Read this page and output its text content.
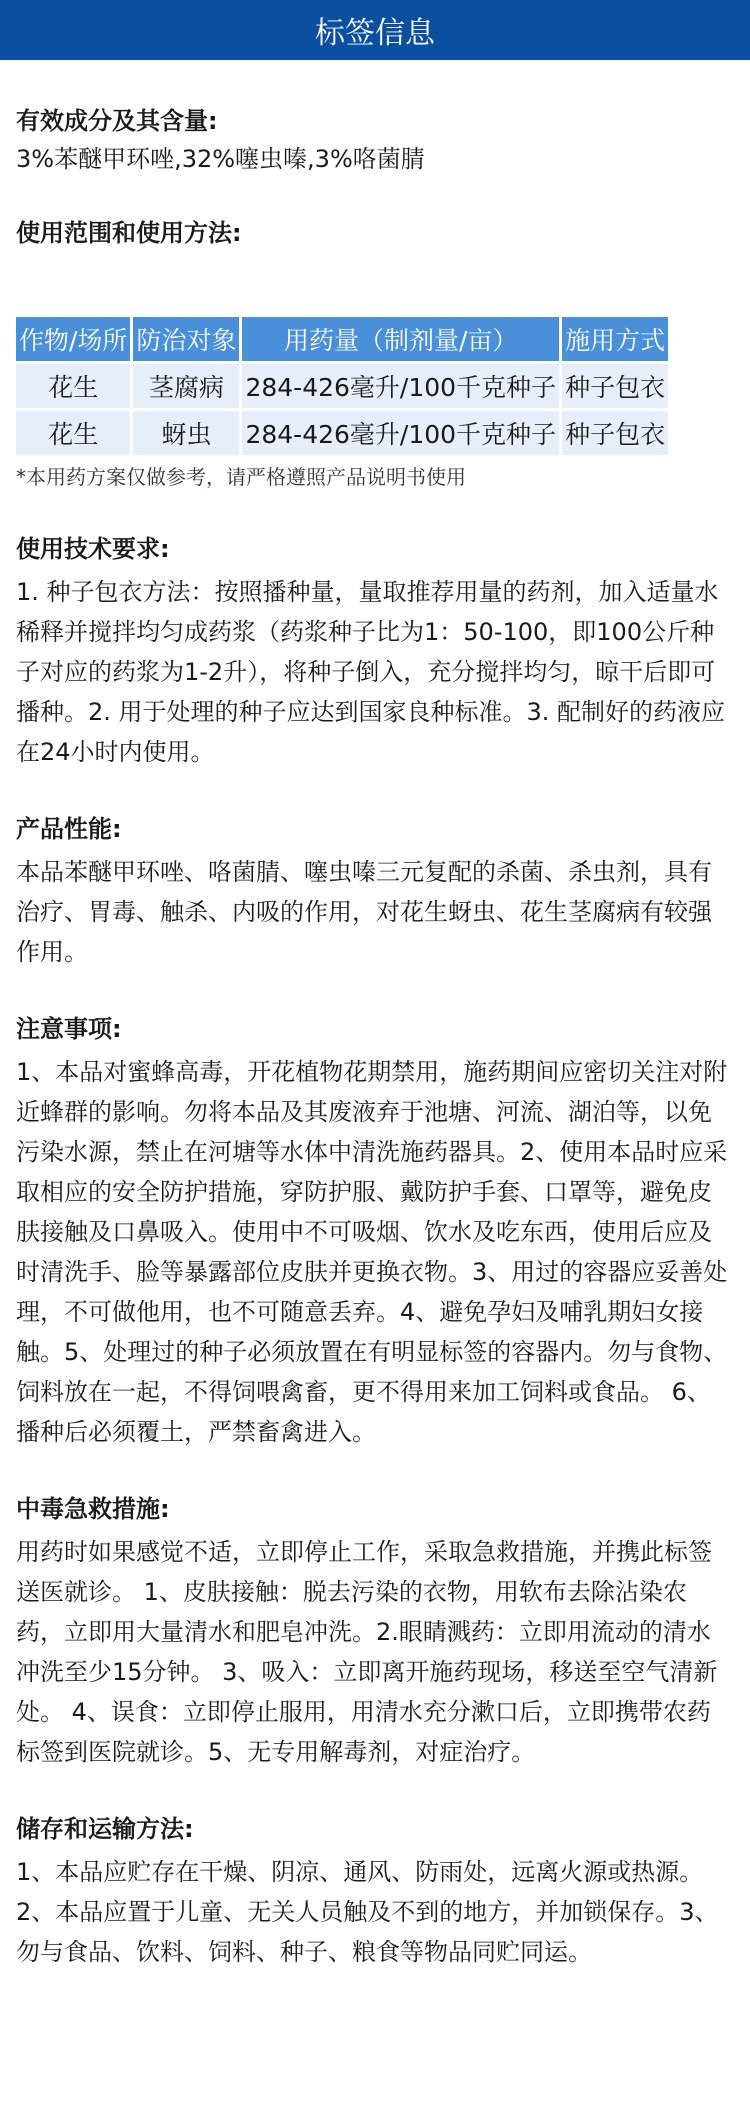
标签信息
有效成分及其含量:
3%苯醚甲环唑,32%噻虫嗪,3%咯菌腈
使用范围和使用方法:
作物/场所	防治对象	用药量（制剂量/亩）	施用方式
花生	茎腐病	284-426毫升/100千克种子	种子包衣
花生	蚜虫	284-426毫升/100千克种子	种子包衣
*本用药方案仅做参考，请严格遵照产品说明书使用
使用技术要求:
1. 种子包衣方法：按照播种量，量取推荐用量的药剂，加入适量水稀释并搅拌均匀成药浆（药浆种子比为1：50-100，即100公斤种子对应的药浆为1-2升），将种子倒入，充分搅拌均匀，晾干后即可播种。2. 用于处理的种子应达到国家良种标准。3. 配制好的药液应在24小时内使用。
产品性能:
本品苯醚甲环唑、咯菌腈、噻虫嗪三元复配的杀菌、杀虫剂，具有治疗、胃毒、触杀、内吸的作用，对花生蚜虫、花生茎腐病有较强作用。
注意事项:
1、本品对蜜蜂高毒，开花植物花期禁用，施药期间应密切关注对附近蜂群的影响。勿将本品及其废液弃于池塘、河流、湖泊等，以免污染水源，禁止在河塘等水体中清洗施药器具。2、使用本品时应采取相应的安全防护措施，穿防护服、戴防护手套、口罩等，避免皮肤接触及口鼻吸入。使用中不可吸烟、饮水及吃东西，使用后应及时清洗手、脸等暴露部位皮肤并更换衣物。3、用过的容器应妥善处理，不可做他用，也不可随意丢弃。4、避免孕妇及哺乳期妇女接触。5、处理过的种子必须放置在有明显标签的容器内。勿与食物、饲料放在一起，不得饲喂禽畜，更不得用来加工饲料或食品。 6、播种后必须覆土，严禁畜禽进入。
中毒急救措施:
用药时如果感觉不适，立即停止工作，采取急救措施，并携此标签送医就诊。 1、皮肤接触：脱去污染的衣物，用软布去除沾染农药，立即用大量清水和肥皂冲洗。2.眼睛溅药：立即用流动的清水冲洗至少15分钟。 3、吸入：立即离开施药现场，移送至空气清新处。 4、误食：立即停止服用，用清水充分漱口后，立即携带农药标签到医院就诊。5、无专用解毒剂，对症治疗。
储存和运输方法:
1、本品应贮存在干燥、阴凉、通风、防雨处，远离火源或热源。2、本品应置于儿童、无关人员触及不到的地方，并加锁保存。3、勿与食品、饮料、饲料、种子、粮食等物品同贮同运。
